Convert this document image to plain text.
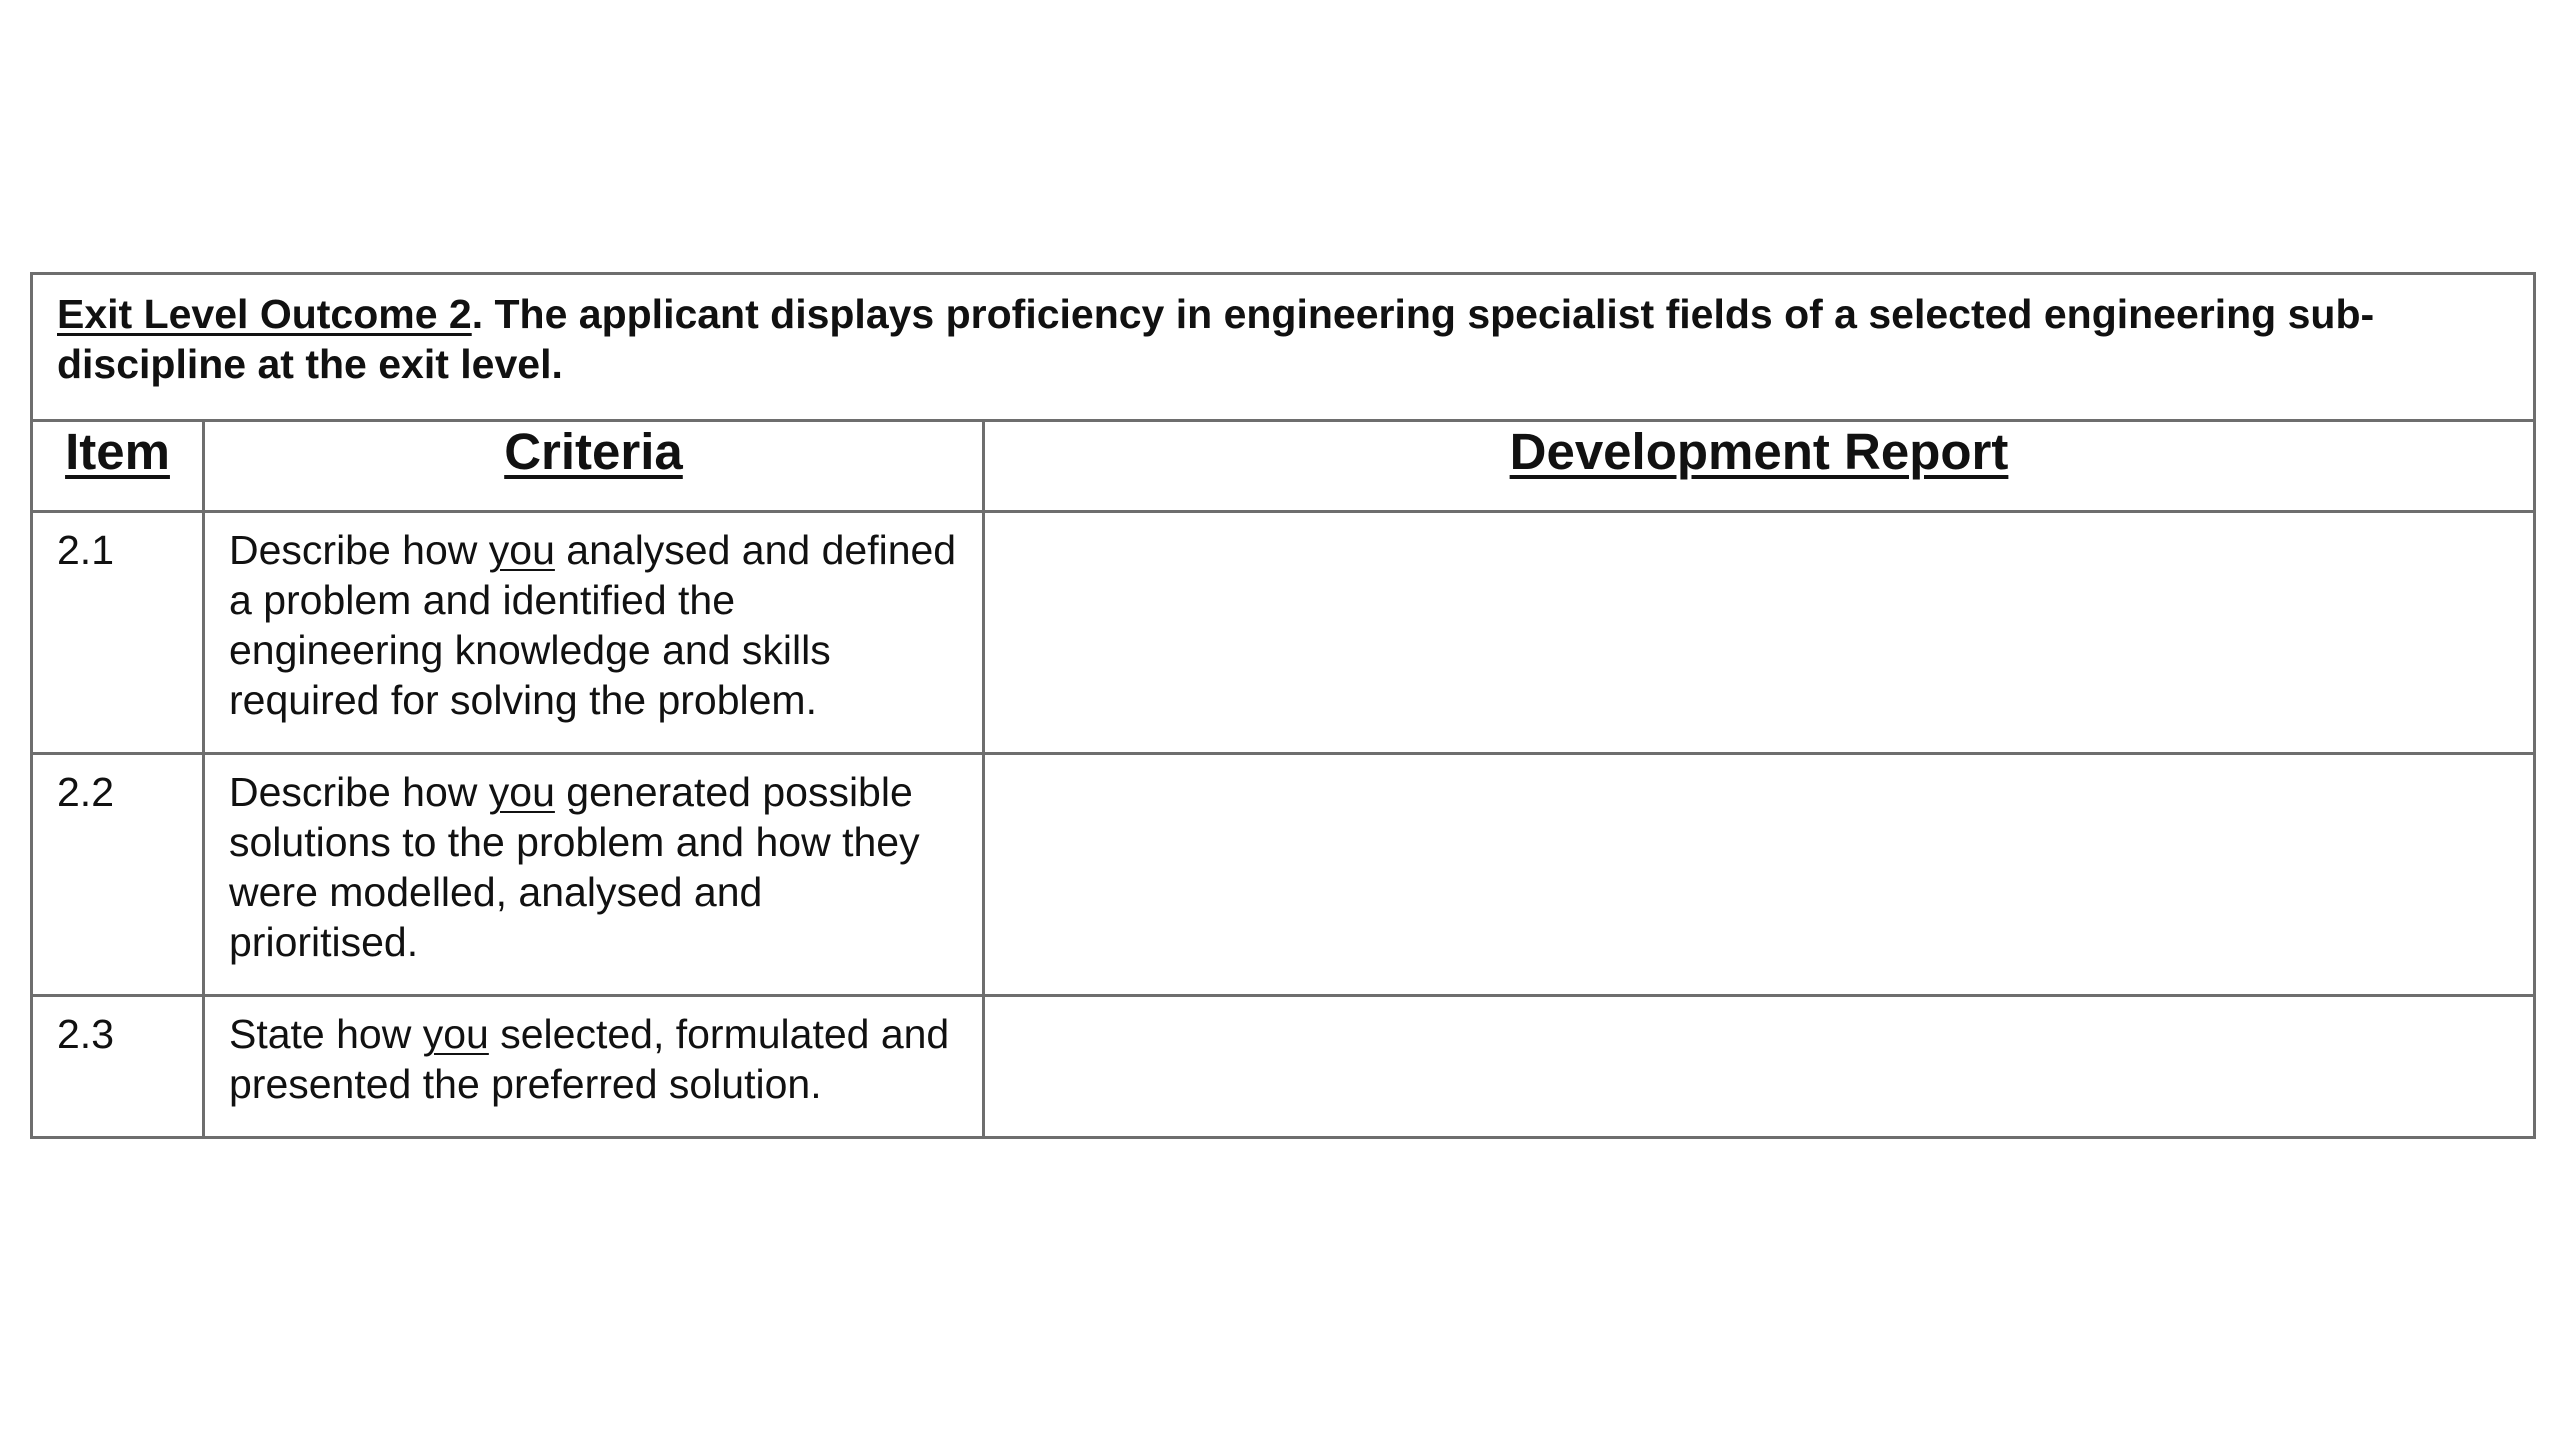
Exit Level Outcome 2. The applicant displays proficiency in engineering specialist fields of a selected engineering sub-discipline at the exit level.		
Item	Criteria	Development Report
2.1	Describe how you analysed and defined a problem and identified the engineering knowledge and skills required for solving the problem.	
2.2	Describe how you generated possible solutions to the problem and how they were modelled, analysed and prioritised.	
2.3	State how you selected, formulated and presented the preferred solution.	
